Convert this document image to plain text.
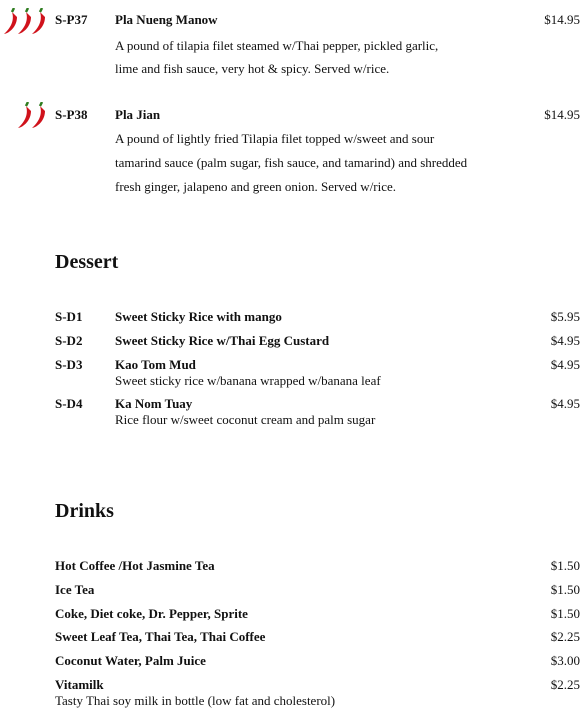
S-P37 Pla Nueng Manow	$14.95
A pound of tilapia filet steamed w/Thai pepper, pickled garlic,
lime and fish sauce, very hot & spicy. Served w/rice.
S-P38 Pla Jian	$14.95
A pound of lightly fried Tilapia filet topped w/sweet and sour
tamarind sauce (palm sugar, fish sauce, and tamarind) and shredded
fresh ginger, jalapeno and green onion. Served w/rice.
Dessert
S-D1	Sweet Sticky Rice with mango	$5.95
S-D2	Sweet Sticky Rice w/Thai Egg Custard	$4.95
S-D3	Kao Tom Mud	$4.95
Sweet sticky rice w/banana wrapped w/banana leaf
S-D4	Ka Nom Tuay	$4.95
Rice flour w/sweet coconut cream and palm sugar
Drinks
Hot Coffee /Hot Jasmine Tea	$1.50
Ice Tea	$1.50
Coke, Diet coke, Dr. Pepper, Sprite	$1.50
Sweet Leaf Tea, Thai Tea, Thai Coffee	$2.25
Coconut Water, Palm Juice	$3.00
Vitamilk	$2.25
Tasty Thai soy milk in bottle (low fat and cholesterol)
